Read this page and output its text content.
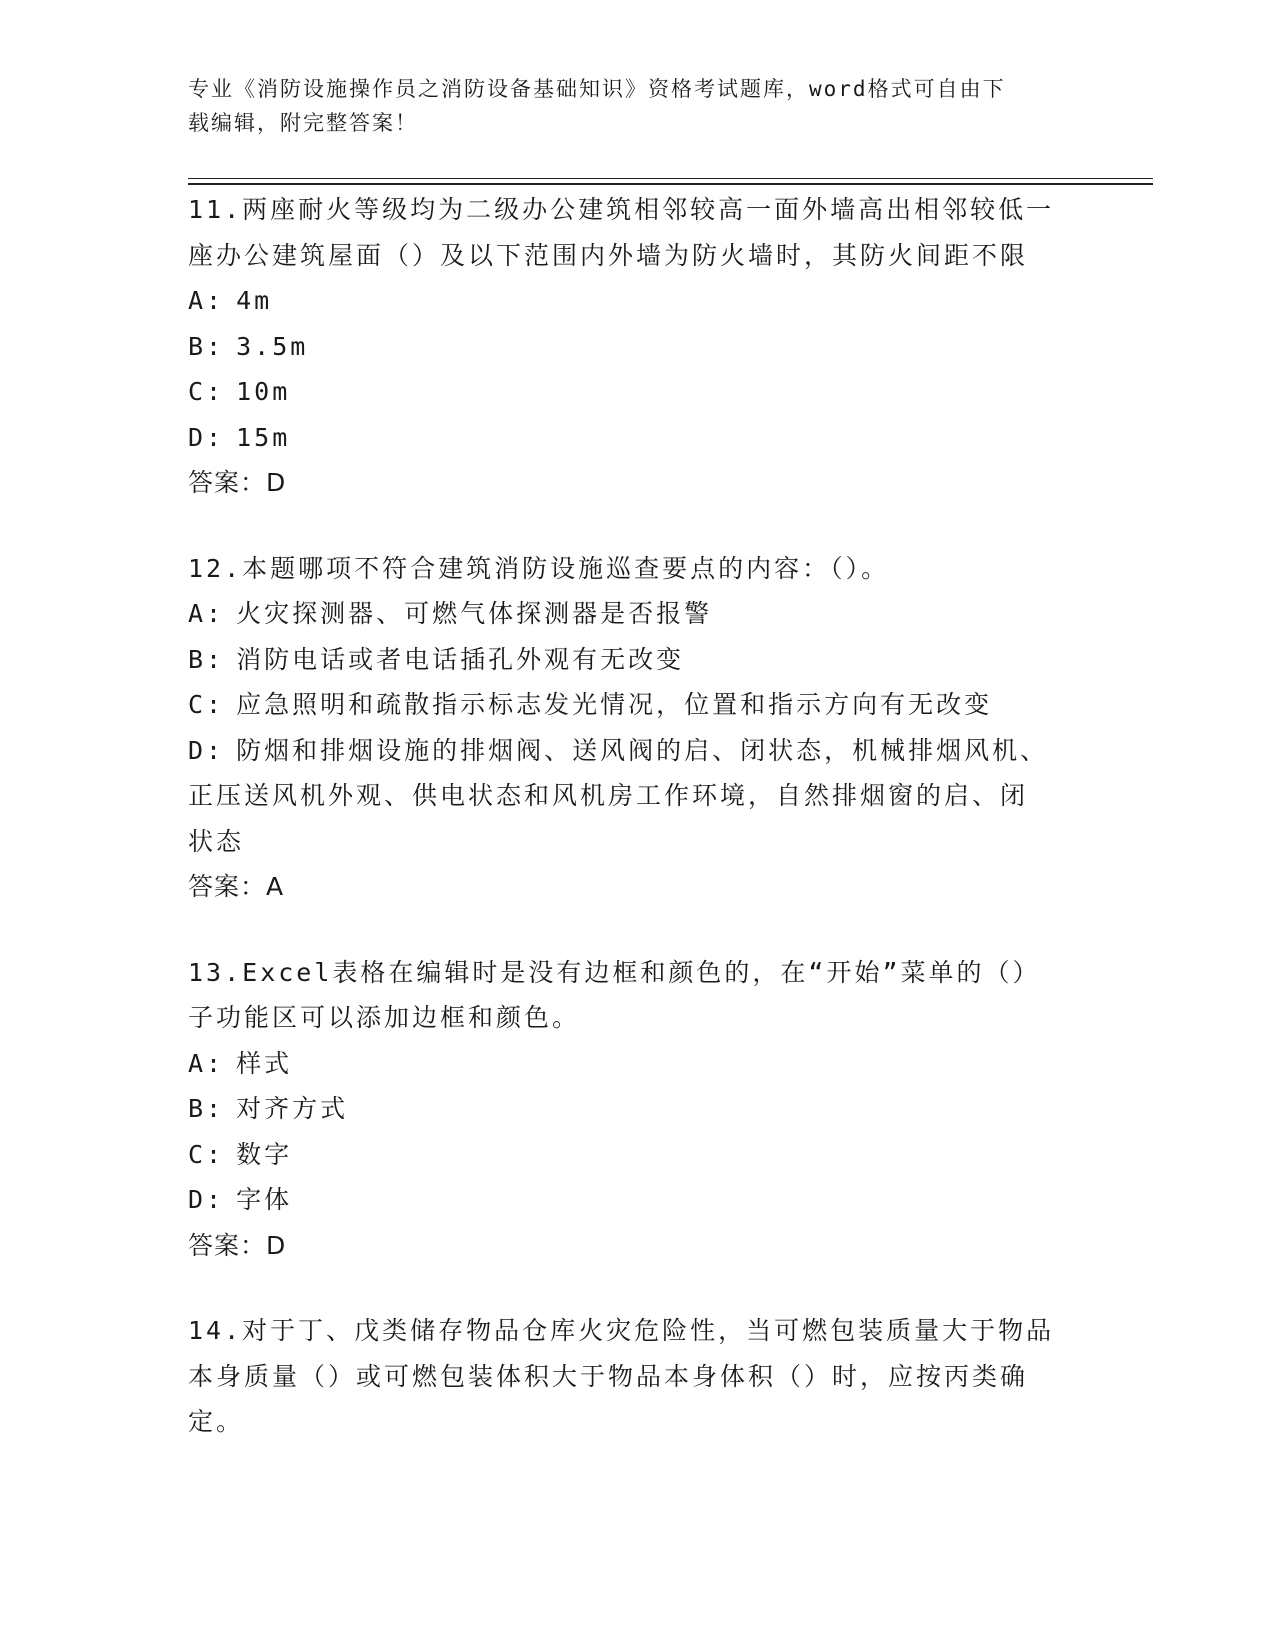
专业《消防设施操作员之消防设备基础知识》资格考试题库，word格式可自由下
载编辑，附完整答案！
11.两座耐火等级均为二级办公建筑相邻较高一面外墙高出相邻较低一
座办公建筑屋面（）及以下范围内外墙为防火墙时，其防火间距不限
A: 4m
B: 3.5m
C: 10m
D: 15m
答案：D
12.本题哪项不符合建筑消防设施巡查要点的内容：（）。
A: 火灾探测器、可燃气体探测器是否报警
B: 消防电话或者电话插孔外观有无改变
C: 应急照明和疏散指示标志发光情况，位置和指示方向有无改变
D: 防烟和排烟设施的排烟阀、送风阀的启、闭状态，机械排烟风机、
正压送风机外观、供电状态和风机房工作环境，自然排烟窗的启、闭
状态
答案：A
13.Excel表格在编辑时是没有边框和颜色的，在“开始”菜单的（）
子功能区可以添加边框和颜色。
A: 样式
B: 对齐方式
C: 数字
D: 字体
答案：D
14.对于丁、戊类储存物品仓库火灾危险性，当可燃包装质量大于物品
本身质量（）或可燃包装体积大于物品本身体积（）时，应按丙类确
定。
